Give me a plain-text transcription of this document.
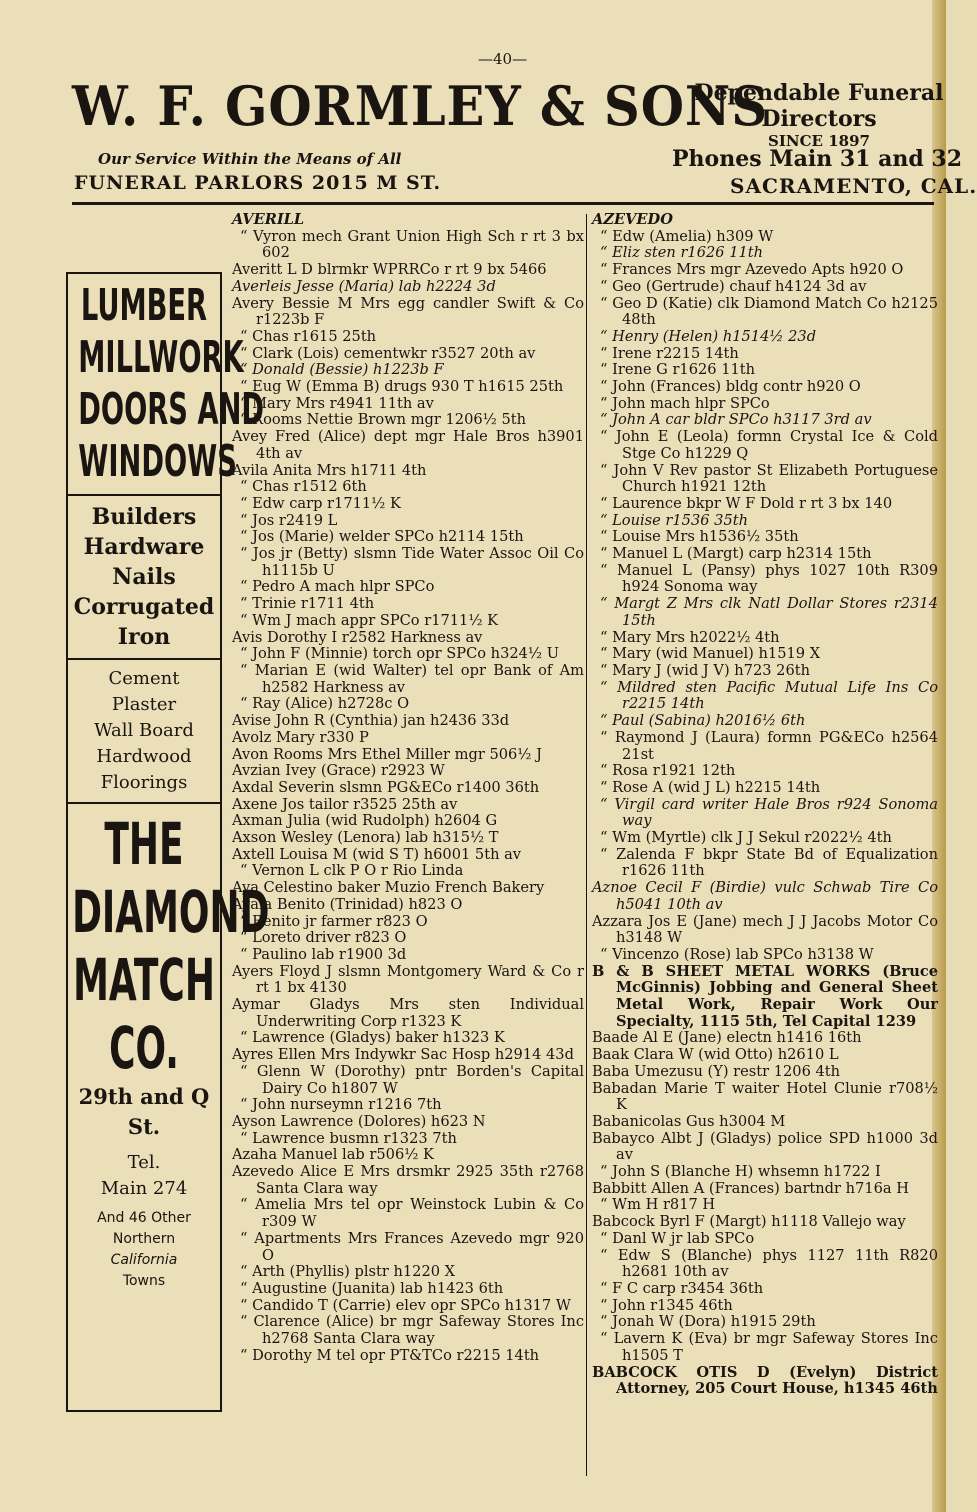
—40—
W. F. GORMLEY & SONS
Our Service Within the Means of All
FUNERAL PARLORS 2015 M ST.
Dependable Funeral
Directors
SINCE 1897
Phones Main 31 and 32
SACRAMENTO, CAL.
LUMBER
MILLWORK
DOORS AND
WINDOWS
Builders
Hardware
Nails
Corrugated
Iron
Cement
Plaster
Wall Board
Hardwood
Floorings
THE
DIAMOND
MATCH
CO.
29th and Q
St.
Tel.
Main 274
And 46 Other
Northern
California
Towns
AVERILL
“ Vyron mech Grant Union High Sch r rt 3 bx 602
Averitt L D blrmkr WPRRCo r rt 9 bx 5466
Averleis Jesse (Maria) lab h2224 3d
Avery Bessie M Mrs egg candler Swift & Co r1223b F
“ Chas r1615 25th
“ Clark (Lois) cementwkr r3527 20th av
“ Donald (Bessie) h1223b F
“ Eug W (Emma B) drugs 930 T h1615 25th
“ Mary Mrs r4941 11th av
“ Rooms Nettie Brown mgr 1206½ 5th
Avey Fred (Alice) dept mgr Hale Bros h3901 4th av
Avila Anita Mrs h1711 4th
“ Chas r1512 6th
“ Edw carp r1711½ K
“ Jos r2419 L
“ Jos (Marie) welder SPCo h2114 15th
“ Jos jr (Betty) slsmn Tide Water Assoc Oil Co h1115b U
“ Pedro A mach hlpr SPCo
“ Trinie r1711 4th
“ Wm J mach appr SPCo r1711½ K
Avis Dorothy I r2582 Harkness av
“ John F (Minnie) torch opr SPCo h324½ U
“ Marian E (wid Walter) tel opr Bank of Am h2582 Harkness av
“ Ray (Alice) h2728c O
Avise John R (Cynthia) jan h2436 33d
Avolz Mary r330 P
Avon Rooms Mrs Ethel Miller mgr 506½ J
Avzian Ivey (Grace) r2923 W
Axdal Severin slsmn PG&ECo r1400 36th
Axene Jos tailor r3525 25th av
Axman Julia (wid Rudolph) h2604 G
Axson Wesley (Lenora) lab h315½ T
Axtell Louisa M (wid S T) h6001 5th av
“ Vernon L clk P O r Rio Linda
Aya Celestino baker Muzio French Bakery
Ayala Benito (Trinidad) h823 O
“ Benito jr farmer r823 O
“ Loreto driver r823 O
“ Paulino lab r1900 3d
Ayers Floyd J slsmn Montgomery Ward & Co r rt 1 bx 4130
Aymar Gladys Mrs sten Individual Underwriting Corp r1323 K
“ Lawrence (Gladys) baker h1323 K
Ayres Ellen Mrs Indywkr Sac Hosp h2914 43d
“ Glenn W (Dorothy) pntr Borden's Capital Dairy Co h1807 W
“ John nurseymn r1216 7th
Ayson Lawrence (Dolores) h623 N
“ Lawrence busmn r1323 7th
Azaha Manuel lab r506½ K
Azevedo Alice E Mrs drsmkr 2925 35th r2768 Santa Clara way
“ Amelia Mrs tel opr Weinstock Lubin & Co r309 W
“ Apartments Mrs Frances Azevedo mgr 920 O
“ Arth (Phyllis) plstr h1220 X
“ Augustine (Juanita) lab h1423 6th
“ Candido T (Carrie) elev opr SPCo h1317 W
“ Clarence (Alice) br mgr Safeway Stores Inc h2768 Santa Clara way
“ Dorothy M tel opr PT&TCo r2215 14th
AZEVEDO
“ Edw (Amelia) h309 W
“ Eliz sten r1626 11th
“ Frances Mrs mgr Azevedo Apts h920 O
“ Geo (Gertrude) chauf h4124 3d av
“ Geo D (Katie) clk Diamond Match Co h2125 48th
“ Henry (Helen) h1514½ 23d
“ Irene r2215 14th
“ Irene G r1626 11th
“ John (Frances) bldg contr h920 O
“ John mach hlpr SPCo
“ John A car bldr SPCo h3117 3rd av
“ John E (Leola) formn Crystal Ice & Cold Stge Co h1229 Q
“ John V Rev pastor St Elizabeth Portuguese Church h1921 12th
“ Laurence bkpr W F Dold r rt 3 bx 140
“ Louise r1536 35th
“ Louise Mrs h1536½ 35th
“ Manuel L (Margt) carp h2314 15th
“ Manuel L (Pansy) phys 1027 10th R309 h924 Sonoma way
“ Margt Z Mrs clk Natl Dollar Stores r2314 15th
“ Mary Mrs h2022½ 4th
“ Mary (wid Manuel) h1519 X
“ Mary J (wid J V) h723 26th
“ Mildred sten Pacific Mutual Life Ins Co r2215 14th
“ Paul (Sabina) h2016½ 6th
“ Raymond J (Laura) formn PG&ECo h2564 21st
“ Rosa r1921 12th
“ Rose A (wid J L) h2215 14th
“ Virgil card writer Hale Bros r924 Sonoma way
“ Wm (Myrtle) clk J J Sekul r2022½ 4th
“ Zalenda F bkpr State Bd of Equalization r1626 11th
Aznoe Cecil F (Birdie) vulc Schwab Tire Co h5041 10th av
Azzara Jos E (Jane) mech J J Jacobs Motor Co h3148 W
“ Vincenzo (Rose) lab SPCo h3138 W
B & B SHEET METAL WORKS (Bruce McGinnis) Jobbing and General Sheet Metal Work, Repair Work Our Specialty, 1115 5th, Tel Capital 1239
Baade Al E (Jane) electn h1416 16th
Baak Clara W (wid Otto) h2610 L
Baba Umezusu (Y) restr 1206 4th
Babadan Marie T waiter Hotel Clunie r708½ K
Babanicolas Gus h3004 M
Babayco Albt J (Gladys) police SPD h1000 3d av
“ John S (Blanche H) whsemn h1722 I
Babbitt Allen A (Frances) bartndr h716a H
“ Wm H r817 H
Babcock Byrl F (Margt) h1118 Vallejo way
“ Danl W jr lab SPCo
“ Edw S (Blanche) phys 1127 11th R820 h2681 10th av
“ F C carp r3454 36th
“ John r1345 46th
“ Jonah W (Dora) h1915 29th
“ Lavern K (Eva) br mgr Safeway Stores Inc h1505 T
BABCOCK OTIS D (Evelyn) District Attorney, 205 Court House, h1345 46th
